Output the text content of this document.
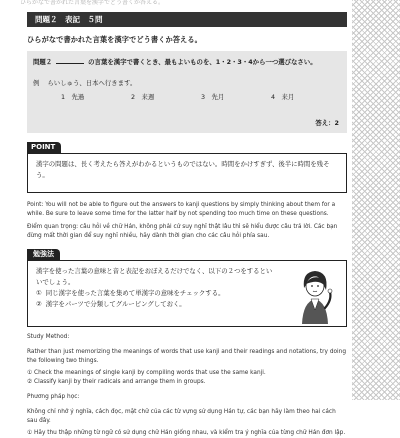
ひらがなで書かれた言葉を漢字でどう書くか答える。
問題２　表記　５問
ひらがなで書かれた言葉を漢字でどう書くか答える。
問題２	の言葉を漢字で書くとき、最もよいものを、1・2・3・4から一つ選びなさい。
例 らいしゅう、日本へ行きます。
1　先過	2　来週	3　先月	4　来月
答え：2
POINT
漢字の問題は、長く考えたら答えがわかるというものではない。時間をかけすぎず、後半に時間を残そう。
Point: You will not be able to figure out the answers to kanji questions by simply thinking about them for a while. Be sure to leave some time for the latter half by not spending too much time on these questions.
Điểm quan trọng: câu hỏi về chữ Hán, không phải cứ suy nghĩ thật lâu thì sẽ hiểu được câu trả lời. Các bạn đừng mất thời gian để suy nghĩ nhiều, hãy dành thời gian cho các câu hỏi phía sau.
勉強法
漢字を使った言葉の意味と音と表記をおぼえるだけでなく、以下の２つをするといいでしょう。
① 同じ漢字を使った言葉を集めて単漢字の意味をチェックする。
② 漢字をパーツで分類してグルーピングしておく。
Study Method:
Rather than just memorizing the meanings of words that use kanji and their readings and notations, try doing the following two things.
① Check the meanings of single kanji by compiling words that use the same kanji.
② Classify kanji by their radicals and arrange them in groups.
Phương pháp học:
Không chỉ nhớ ý nghĩa, cách đọc, mặt chữ của các từ vựng sử dụng Hán tự, các bạn hãy làm theo hai cách sau đây.
① Hãy thu thập những từ ngữ có sử dụng chữ Hán giống nhau, và kiểm tra ý nghĩa của từng chữ Hán đơn lập.
